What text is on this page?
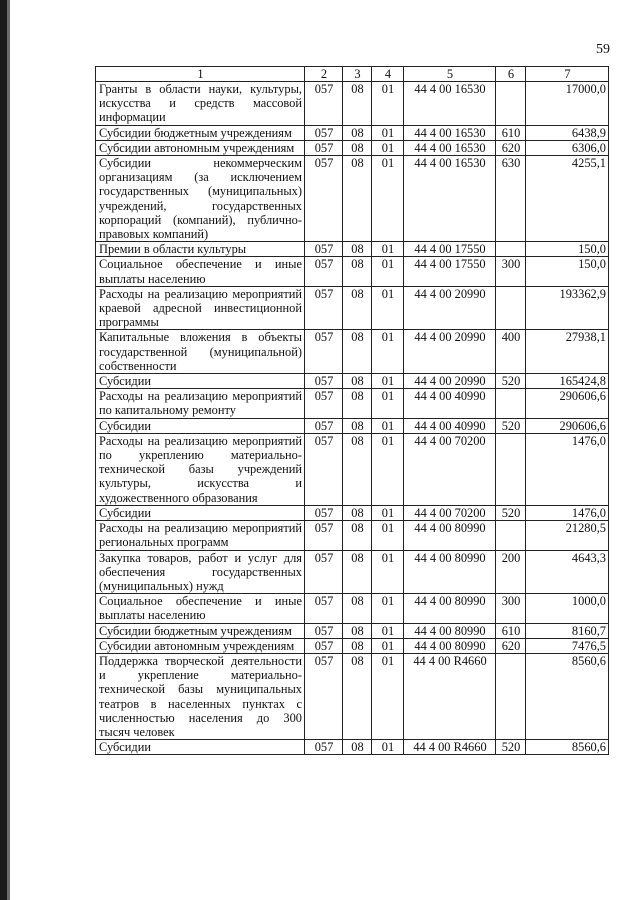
59
1	2	3	4	5	6	7
Гранты в области науки, культуры, искусства и средств массовой информации	057	08	01	44 4 00 16530		17000,0
Субсидии бюджетным учреждениям	057	08	01	44 4 00 16530	610	6438,9
Субсидии автономным учреждениям	057	08	01	44 4 00 16530	620	6306,0
Субсидии некоммерческим организациям (за исключением государственных (муниципальных) учреждений, государственных корпораций (компаний), публично-правовых компаний)	057	08	01	44 4 00 16530	630	4255,1
Премии в области культуры	057	08	01	44 4 00 17550		150,0
Социальное обеспечение и иные выплаты населению	057	08	01	44 4 00 17550	300	150,0
Расходы на реализацию мероприятий краевой адресной инвестиционной программы	057	08	01	44 4 00 20990		193362,9
Капитальные вложения в объекты государственной (муниципальной) собственности	057	08	01	44 4 00 20990	400	27938,1
Субсидии	057	08	01	44 4 00 20990	520	165424,8
Расходы на реализацию мероприятий по капитальному ремонту	057	08	01	44 4 00 40990		290606,6
Субсидии	057	08	01	44 4 00 40990	520	290606,6
Расходы на реализацию мероприятий по укреплению материально-технической базы учреждений культуры, искусства и художественного образования	057	08	01	44 4 00 70200		1476,0
Субсидии	057	08	01	44 4 00 70200	520	1476,0
Расходы на реализацию мероприятий региональных программ	057	08	01	44 4 00 80990		21280,5
Закупка товаров, работ и услуг для обеспечения государственных (муниципальных) нужд	057	08	01	44 4 00 80990	200	4643,3
Социальное обеспечение и иные выплаты населению	057	08	01	44 4 00 80990	300	1000,0
Субсидии бюджетным учреждениям	057	08	01	44 4 00 80990	610	8160,7
Субсидии автономным учреждениям	057	08	01	44 4 00 80990	620	7476,5
Поддержка творческой деятельности и укрепление материально-технической базы муниципальных театров в населенных пунктах с численностью населения до 300 тысяч человек	057	08	01	44 4 00 R4660		8560,6
Субсидии	057	08	01	44 4 00 R4660	520	8560,6
